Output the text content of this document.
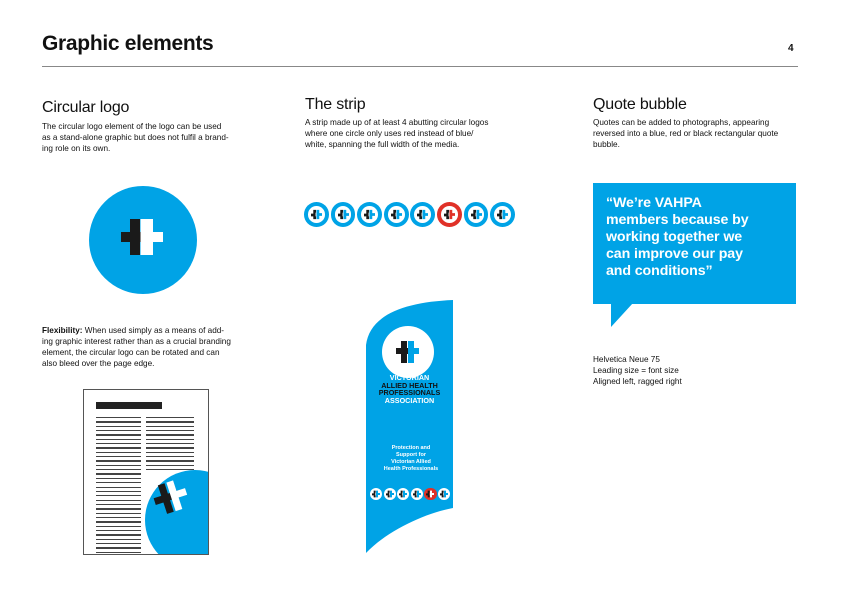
Graphic elements	4
Circular logo
The circular logo element of the logo can be used
as a stand-alone graphic but does not fulfil a brand-
ing role on its own.
Flexibility: When used simply as a means of add-
ing graphic interest rather than as a crucial branding
element, the circular logo can be rotated and can
also bleed over the page edge.
The strip
A strip made up of at least 4 abutting circular logos
where one circle only uses red instead of blue/
white, spanning the full width of the media.
VICTORIAN
ALLIED HEALTH
PROFESSIONALS
ASSOCIATION
Protection and
Support for
Victorian Allied
Health Professionals
Quote bubble
Quotes can be added to photographs, appearing
reversed into a blue, red or black rectangular quote
bubble.
“We’re VAHPA
members because by
working together we
can improve our pay
and conditions”
Helvetica Neue 75
Leading size = font size
Aligned left, ragged right
